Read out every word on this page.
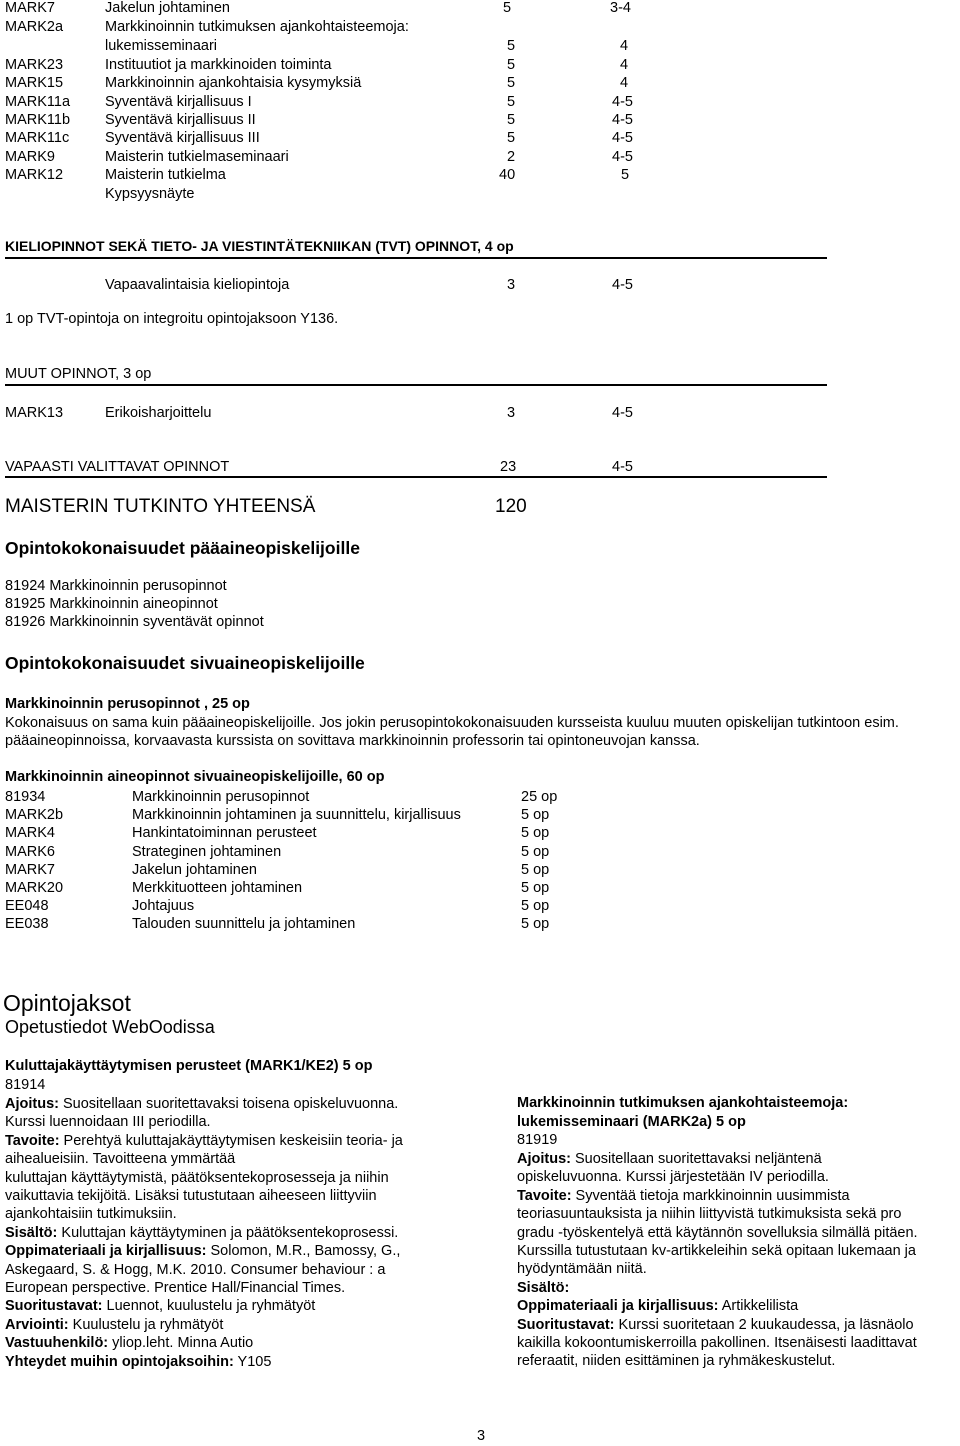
MARK7	Jakelun johtaminen	5	3-4
MARK2a	Markkinoinnin tutkimuksen ajankohtaisteemoja:
lukemisseminaari	5	4
MARK23	Instituutiot ja markkinoiden toiminta	5	4
MARK15	Markkinoinnin ajankohtaisia kysymyksiä	5	4
MARK11a Syventävä kirjallisuus I	5	4-5
MARK11b Syventävä kirjallisuus II	5	4-5
MARK11c Syventävä kirjallisuus III	5	4-5
MARK9	Maisterin tutkielmaseminaari	2	4-5
MARK12	Maisterin tutkielma	40	5
Kypsyysnäyte
KIELIOPINNOT SEKÄ TIETO- JA VIESTINTÄTEKNIIKAN (TVT) OPINNOT, 4 op
Vapaavalintaisia kieliopintoja	3	4-5
1 op TVT-opintoja on integroitu opintojaksoon Y136.
MUUT OPINNOT, 3 op
MARK13	Erikoisharjoittelu	3	4-5
VAPAASTI VALITTAVAT OPINNOT	23	4-5
MAISTERIN TUTKINTO YHTEENSÄ	120
Opintokokonaisuudet pääaineopiskelijoille
81924 Markkinoinnin perusopinnot
81925 Markkinoinnin aineopinnot
81926 Markkinoinnin syventävät opinnot
Opintokokonaisuudet sivuaineopiskelijoille
Markkinoinnin perusopinnot , 25 op
Kokonaisuus on sama kuin pääaineopiskelijoille. Jos jokin perusopintokokonaisuuden kursseista kuuluu muuten opiskelijan tutkintoon esim. pääaineopinnoissa, korvaavasta kurssista on sovittava markkinoinnin professorin tai opintoneuvojan kanssa.
Markkinoinnin aineopinnot sivuaineopiskelijoille, 60 op
81934	Markkinoinnin perusopinnot	25 op
MARK2b	Markkinoinnin johtaminen ja suunnittelu, kirjallisuus	5 op
MARK4	Hankintatoiminnan perusteet	5 op
MARK6	Strateginen johtaminen	5 op
MARK7	Jakelun johtaminen	5 op
MARK20	Merkkituotteen johtaminen	5 op
EE048	Johtajuus	5 op
EE038	Talouden suunnittelu ja johtaminen	5 op
Opintojaksot
Opetustiedot WebOodissa
Kuluttajakäyttäytymisen perusteet (MARK1/KE2) 5 op
81914
Ajoitus: Suositellaan suoritettavaksi toisena opiskeluvuonna.
Kurssi luennoidaan III periodilla.
Tavoite: Perehtyä kuluttajakäyttäytymisen keskeisiin teoria- ja
aihealueisiin. Tavoitteena ymmärtää
kuluttajan käyttäytymistä, päätöksentekoprosesseja ja niihin
vaikuttavia tekijöitä. Lisäksi tutustutaan aiheeseen liittyviin
ajankohtaisiin tutkimuksiin.
Sisältö: Kuluttajan käyttäytyminen ja päätöksentekoprosessi.
Oppimateriaali ja kirjallisuus: Solomon, M.R., Bamossy, G.,
Askegaard, S. & Hogg, M.K. 2010. Consumer behaviour : a
European perspective. Prentice Hall/Financial Times.
Suoritustavat: Luennot, kuulustelu ja ryhmätyöt
Arviointi: Kuulustelu ja ryhmätyöt
Vastuuhenkilö: yliop.leht. Minna Autio
Yhteydet muihin opintojaksoihin: Y105
Markkinoinnin tutkimuksen ajankohtaisteemoja:
lukemisseminaari (MARK2a) 5 op
81919
Ajoitus: Suositellaan suoritettavaksi neljäntenä
opiskeluvuonna. Kurssi järjestetään IV periodilla.
Tavoite: Syventää tietoja markkinoinnin uusimmista
teoriasuuntauksista ja niihin liittyvistä tutkimuksista sekä pro
gradu -työskentelyä että käytännön sovelluksia silmällä pitäen.
Kurssilla tutustutaan kv-artikkeleihin sekä opitaan lukemaan ja
hyödyntämään niitä.
Sisältö:
Oppimateriaali ja kirjallisuus: Artikkelilista
Suoritustavat: Kurssi suoritetaan 2 kuukaudessa, ja läsnäolo
kaikilla kokoontumiskerroilla pakollinen. Itsenäisesti laadittavat
referaatit, niiden esittäminen ja ryhmäkeskustelut.
3
